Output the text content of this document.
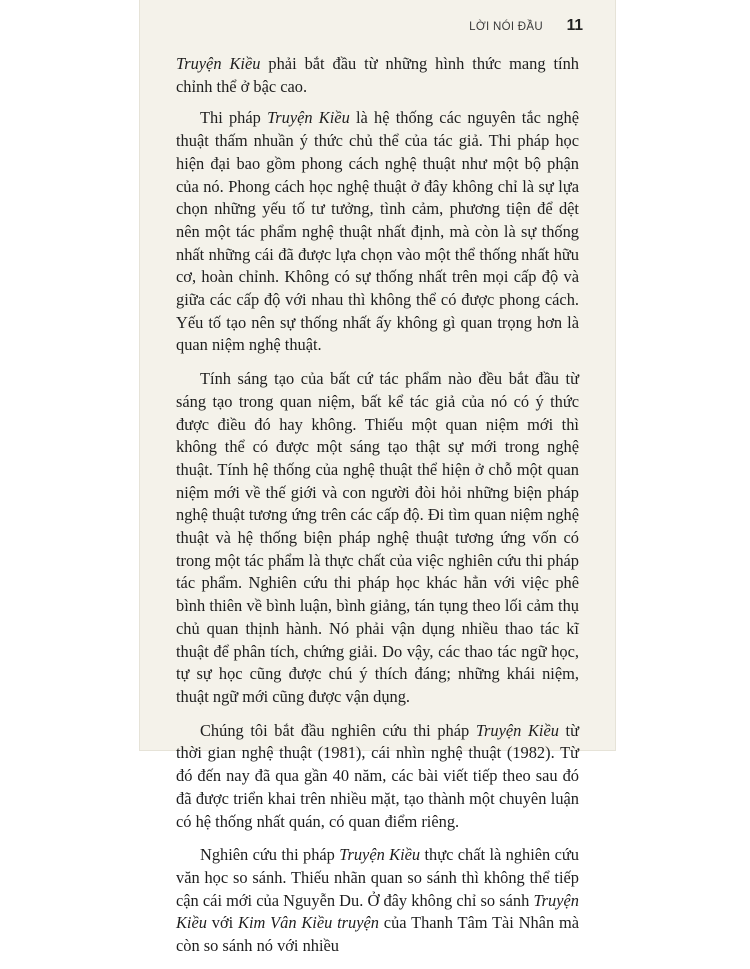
LỜI NÓI ĐẦU 11

Truyện Kiều phải bắt đầu từ những hình thức mang tính chỉnh thể ở bậc cao.

Thi pháp Truyện Kiều là hệ thống các nguyên tắc nghệ thuật thấm nhuần ý thức chủ thể của tác giả. Thi pháp học hiện đại bao gồm phong cách nghệ thuật như một bộ phận của nó. Phong cách học nghệ thuật ở đây không chỉ là sự lựa chọn những yếu tố tư tưởng, tình cảm, phương tiện để dệt nên một tác phẩm nghệ thuật nhất định, mà còn là sự thống nhất những cái đã được lựa chọn vào một thể thống nhất hữu cơ, hoàn chỉnh. Không có sự thống nhất trên mọi cấp độ và giữa các cấp độ với nhau thì không thể có được phong cách. Yếu tố tạo nên sự thống nhất ấy không gì quan trọng hơn là quan niệm nghệ thuật.

Tính sáng tạo của bất cứ tác phẩm nào đều bắt đầu từ sáng tạo trong quan niệm, bất kể tác giả của nó có ý thức được điều đó hay không. Thiếu một quan niệm mới thì không thể có được một sáng tạo thật sự mới trong nghệ thuật. Tính hệ thống của nghệ thuật thể hiện ở chỗ một quan niệm mới về thế giới và con người đòi hỏi những biện pháp nghệ thuật tương ứng trên các cấp độ. Đi tìm quan niệm nghệ thuật và hệ thống biện pháp nghệ thuật tương ứng vốn có trong một tác phẩm là thực chất của việc nghiên cứu thi pháp tác phẩm. Nghiên cứu thi pháp học khác hẳn với việc phê bình thiên về bình luận, bình giảng, tán tụng theo lối cảm thụ chủ quan thịnh hành. Nó phải vận dụng nhiều thao tác kĩ thuật để phân tích, chứng giải. Do vậy, các thao tác ngữ học, tự sự học cũng được chú ý thích đáng; những khái niệm, thuật ngữ mới cũng được vận dụng.

Chúng tôi bắt đầu nghiên cứu thi pháp Truyện Kiều từ thời gian nghệ thuật (1981), cái nhìn nghệ thuật (1982). Từ đó đến nay đã qua gần 40 năm, các bài viết tiếp theo sau đó đã được triển khai trên nhiều mặt, tạo thành một chuyên luận có hệ thống nhất quán, có quan điểm riêng.

Nghiên cứu thi pháp Truyện Kiều thực chất là nghiên cứu văn học so sánh. Thiếu nhãn quan so sánh thì không thể tiếp cận cái mới của Nguyễn Du. Ở đây không chỉ so sánh Truyện Kiều với Kim Vân Kiều truyện của Thanh Tâm Tài Nhân mà còn so sánh nó với nhiều
